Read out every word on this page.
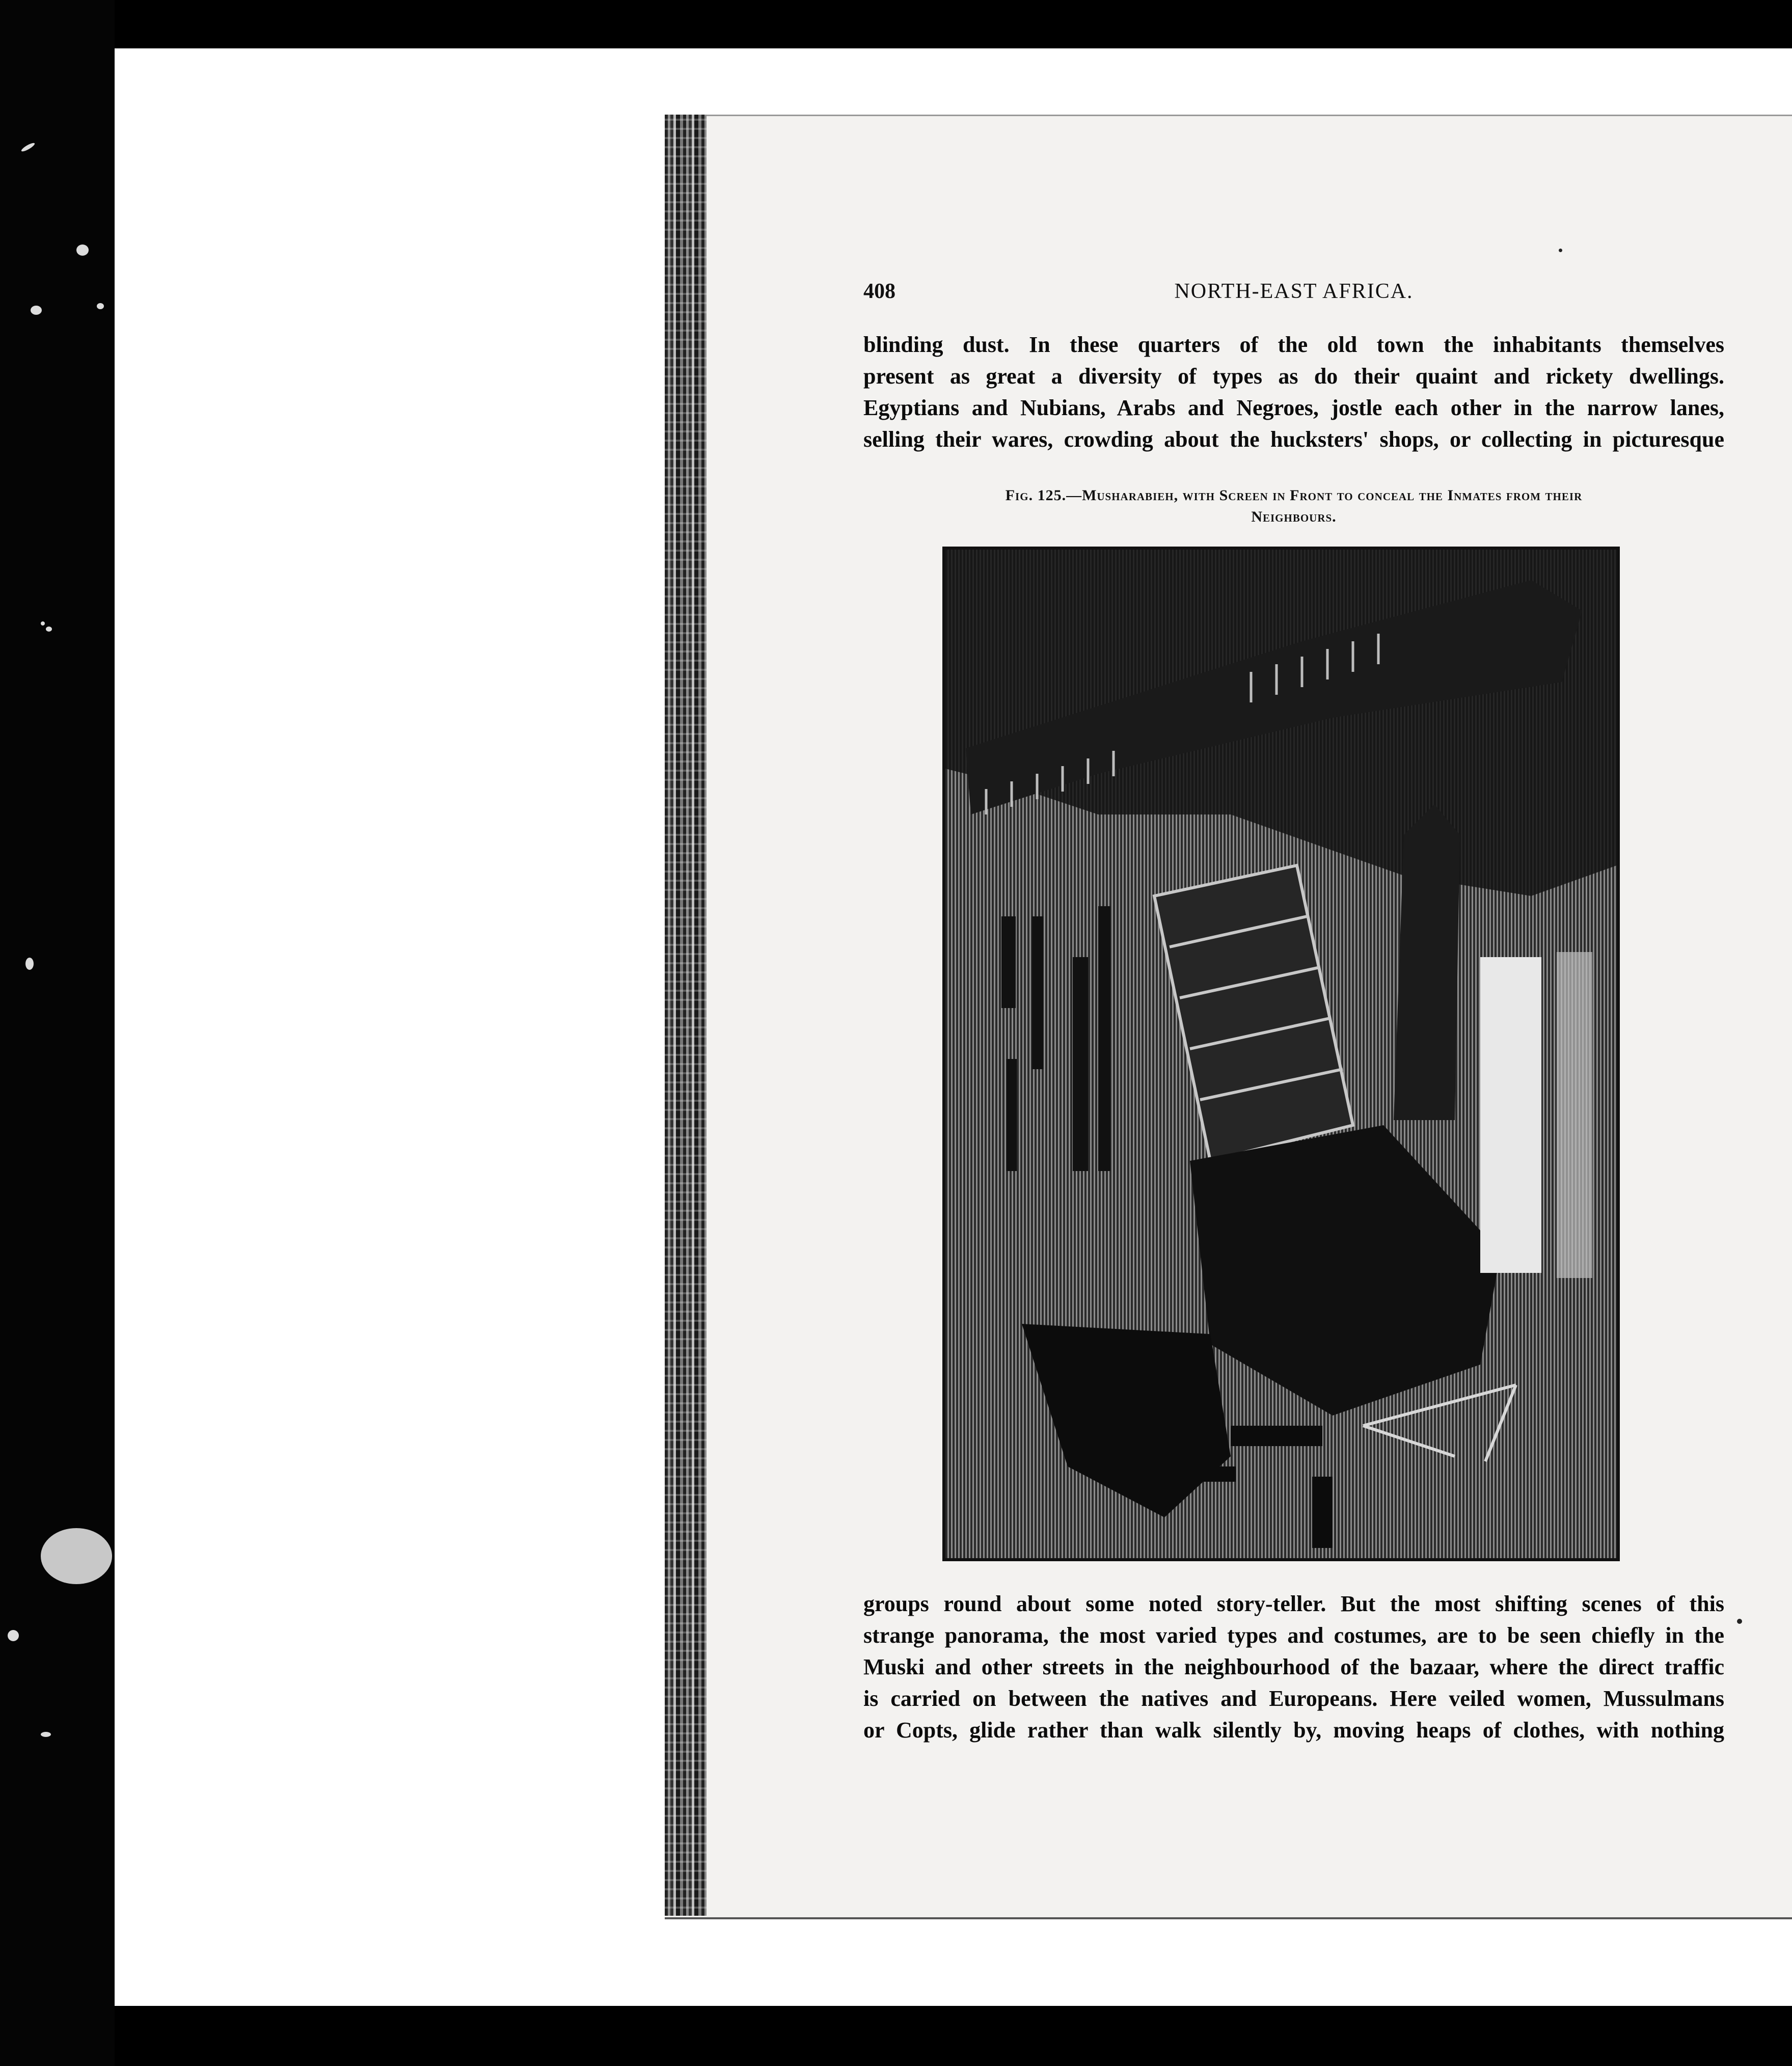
408	NORTH-EAST AFRICA.
blinding dust. In these quarters of the old town the inhabitants themselves
present as great a diversity of types as do their quaint and rickety dwellings.
Egyptians and Nubians, Arabs and Negroes, jostle each other in the narrow lanes,
selling their wares, crowding about the hucksters' shops, or collecting in picturesque
Fig. 125.—Musharabieh, with Screen in Front to conceal the Inmates from their
Neighbours.
groups round about some noted story-teller. But the most shifting scenes of this
strange panorama, the most varied types and costumes, are to be seen chiefly in the
Muski and other streets in the neighbourhood of the bazaar, where the direct traffic
is carried on between the natives and Europeans. Here veiled women, Mussulmans
or Copts, glide rather than walk silently by, moving heaps of clothes, with nothing
